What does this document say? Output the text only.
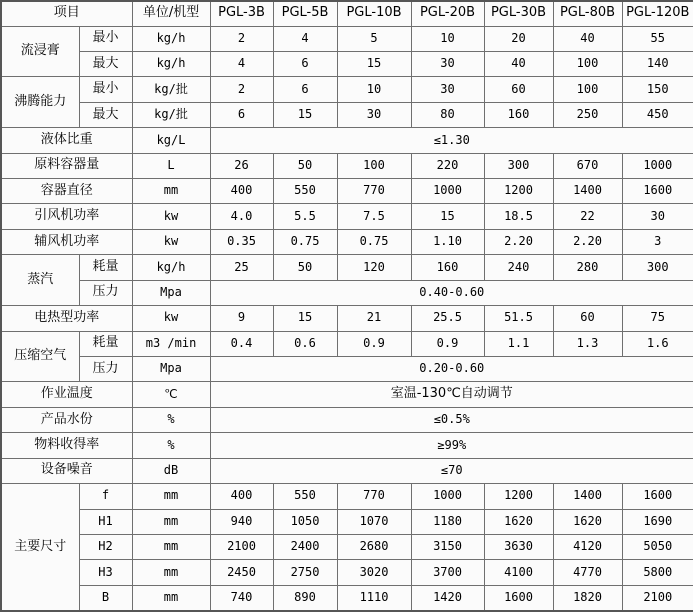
项目		单位/机型	PGL-3B	PGL-5B	PGL-10B	PGL-20B	PGL-30B	PGL-80B	PGL-120B
流浸膏	最小	kg/h	2	4	5	10	20	40	55
	最大	kg/h	4	6	15	30	40	100	140
沸腾能力	最小	kg/批	2	6	10	30	60	100	150
	最大	kg/批	6	15	30	80	160	250	450
液体比重		kg/L	≤1.30						
原料容器量		L	26	50	100	220	300	670	1000
容器直径		mm	400	550	770	1000	1200	1400	1600
引风机功率		kw	4.0	5.5	7.5	15	18.5	22	30
辅风机功率		kw	0.35	0.75	0.75	1.10	2.20	2.20	3
蒸汽	耗量	kg/h	25	50	120	160	240	280	300
	压力	Mpa	0.40-0.60						
电热型功率		kw	9	15	21	25.5	51.5	60	75
压缩空气	耗量	m3 /min	0.4	0.6	0.9	0.9	1.1	1.3	1.6
	压力	Mpa	0.20-0.60						
作业温度		℃	室温-130℃自动调节						
产品水份		%	≤0.5%						
物料收得率		%	≥99%						
设备噪音		dB	≤70						
主要尺寸	f	mm	400	550	770	1000	1200	1400	1600
	H1	mm	940	1050	1070	1180	1620	1620	1690
	H2	mm	2100	2400	2680	3150	3630	4120	5050
	H3	mm	2450	2750	3020	3700	4100	4770	5800
	B	mm	740	890	1110	1420	1600	1820	2100
